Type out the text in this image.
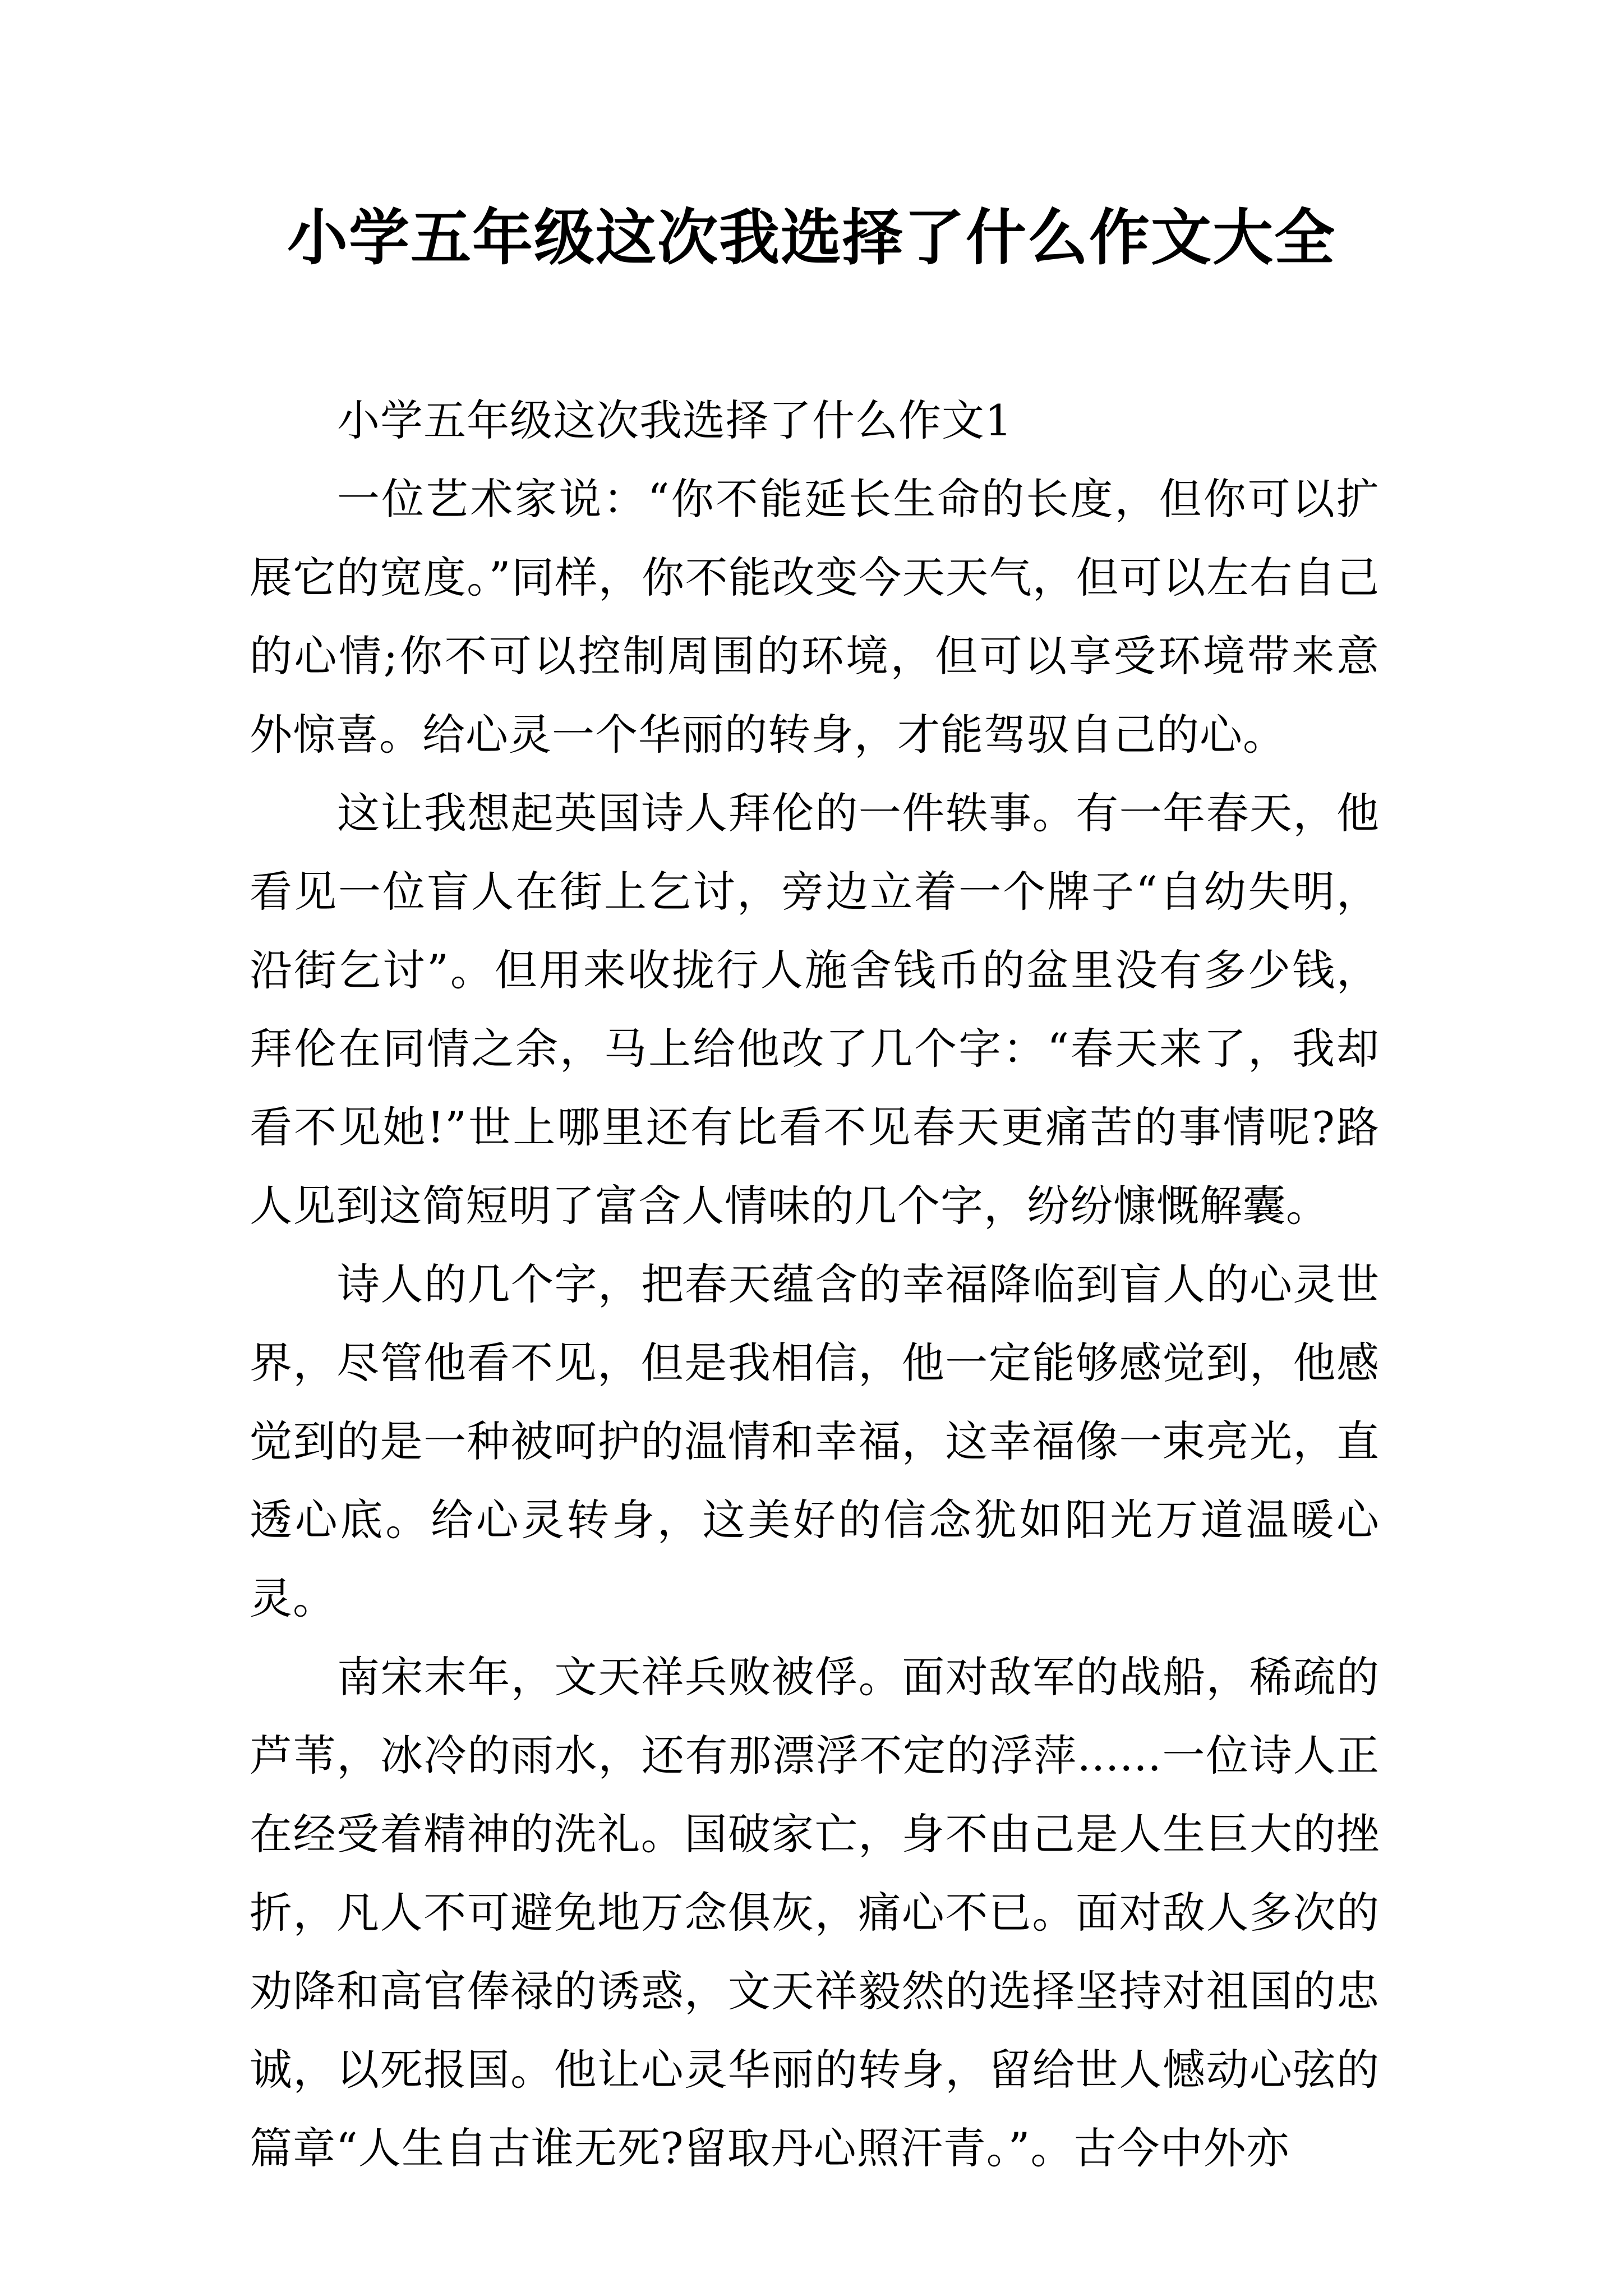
小学五年级这次我选择了什么作文大全

小学五年级这次我选择了什么作文1

一位艺术家说：“你不能延长生命的长度，但你可以扩展它的宽度。”同样，你不能改变今天天气，但可以左右自己的心情;你不可以控制周围的环境，但可以享受环境带来意外惊喜。给心灵一个华丽的转身，才能驾驭自己的心。

这让我想起英国诗人拜伦的一件轶事。有一年春天，他看见一位盲人在街上乞讨，旁边立着一个牌子“自幼失明，沿街乞讨”。但用来收拢行人施舍钱币的盆里没有多少钱，拜伦在同情之余，马上给他改了几个字：“春天来了，我却看不见她!”世上哪里还有比看不见春天更痛苦的事情呢?路人见到这简短明了富含人情味的几个字，纷纷慷慨解囊。

诗人的几个字，把春天蕴含的幸福降临到盲人的心灵世界，尽管他看不见，但是我相信，他一定能够感觉到，他感觉到的是一种被呵护的温情和幸福，这幸福像一束亮光，直透心底。给心灵转身，这美好的信念犹如阳光万道温暖心灵。

南宋末年，文天祥兵败被俘。面对敌军的战船，稀疏的芦苇，冰冷的雨水，还有那漂浮不定的浮萍......一位诗人正在经受着精神的洗礼。国破家亡，身不由己是人生巨大的挫折，凡人不可避免地万念俱灰，痛心不已。面对敌人多次的劝降和高官俸禄的诱惑，文天祥毅然的选择坚持对祖国的忠诚，以死报国。他让心灵华丽的转身，留给世人憾动心弦的篇章“人生自古谁无死?留取丹心照汗青。”。古今中外亦
